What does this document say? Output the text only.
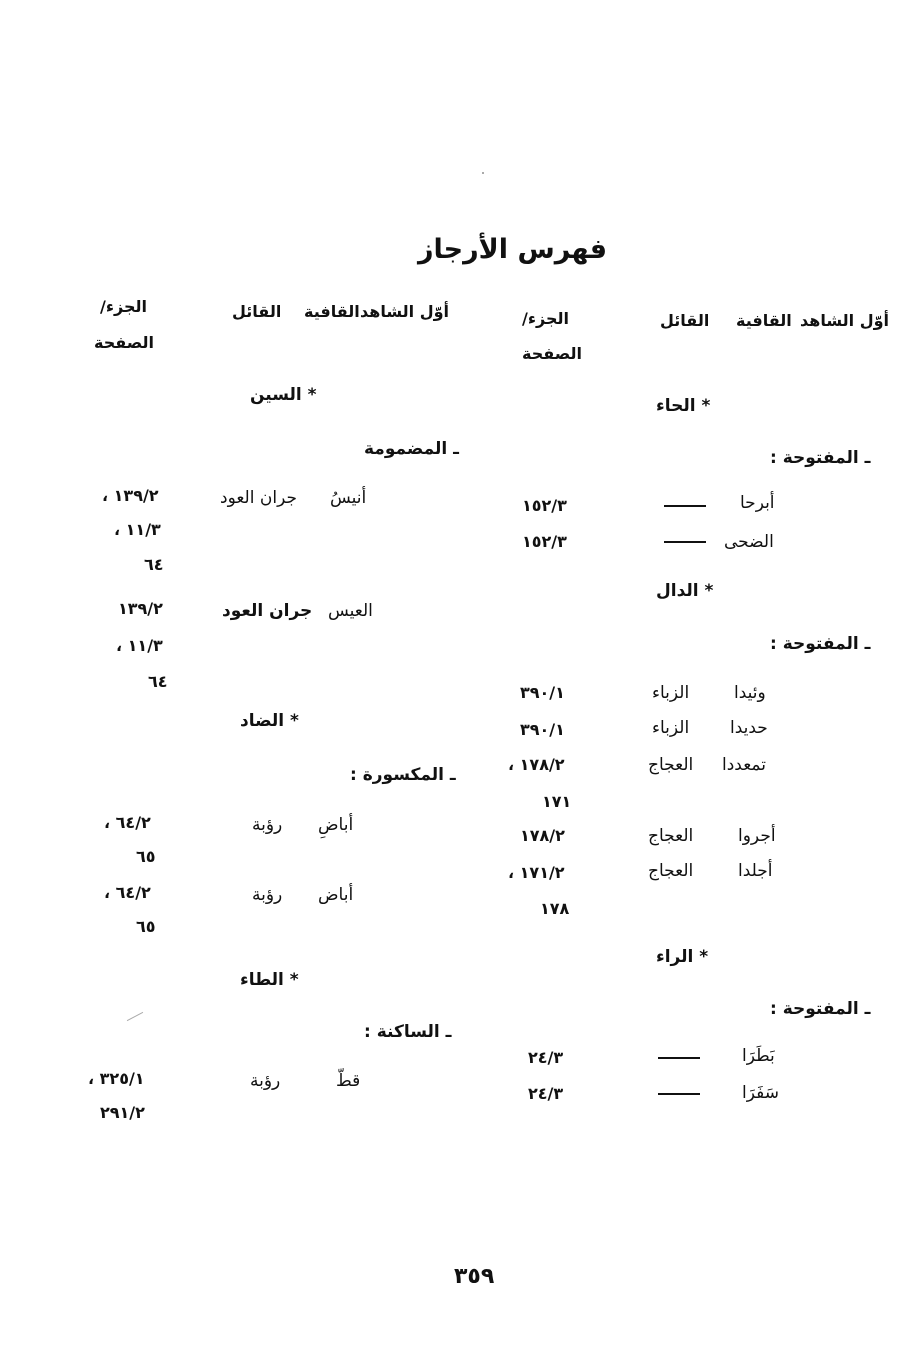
فهرس الأرجاز
أوّل الشاهد
القافية
القائل
الجزء/
الصفحة
أوّل الشاهد
القافية
القائل
الجزء/
الصفحة
* الحاء
ـ المفتوحة :
أبرحا
١٥٢/٣
الضحى
١٥٢/٣
* الدال
ـ المفتوحة :
وئيدا
الزباء
٣٩٠/١
حديدا
الزباء
٣٩٠/١
تمعددا
العجاج
١٧٨/٢ ،
١٧١
أجروا
العجاج
١٧٨/٢
أجلدا
العجاج
١٧١/٢ ،
١٧٨
* الراء
ـ المفتوحة :
بَطَرَا
٢٤/٣
سَفَرَا
٢٤/٣
* السين
ـ المضمومة
أنيسُ
جران العود
١٣٩/٢ ،
١١/٣ ،
٦٤
العيس
جران العود
١٣٩/٢
١١/٣ ،
٦٤
* الضاد
ـ المكسورة :
أباضِ
رؤبة
٦٤/٢ ،
٦٥
أباض
رؤبة
٦٤/٢ ،
٦٥
* الطاء
ـ الساكنة :
قطّ
رؤبة
٣٢٥/١ ،
٢٩١/٢
٣٥٩
